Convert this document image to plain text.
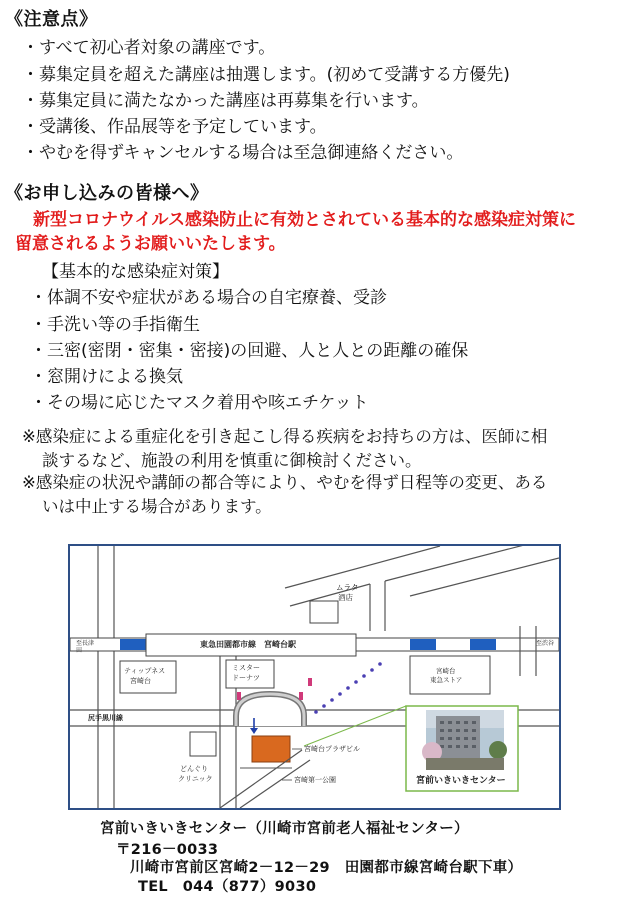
《注意点》
・すべて初心者対象の講座です。
・募集定員を超えた講座は抽選します。(初めて受講する方優先)
・募集定員に満たなかった講座は再募集を行います。
・受講後、作品展等を予定しています。
・やむを得ずキャンセルする場合は至急御連絡ください。
《お申し込みの皆様へ》
新型コロナウイルス感染防止に有効とされている基本的な感染症対策に
留意されるようお願いいたします。
【基本的な感染症対策】
・体調不安や症状がある場合の自宅療養、受診
・手洗い等の手指衛生
・三密(密閉・密集・密接)の回避、人と人との距離の確保
・窓開けによる換気
・その場に応じたマスク着用や咳エチケット
※感染症による重症化を引き起こし得る疾病をお持ちの方は、医師に相
談するなど、施設の利用を慎重に御検討ください。
※感染症の状況や講師の都合等により、やむを得ず日程等の変更、ある
いは中止する場合があります。
ムラタ
酒店
東急田園都市線　宮崎台駅	至渋谷
至長津田
ティップネス
宮崎台
ミスター
ドーナツ
宮崎台
東急ストア
尻手黒川線
宮崎台プラザビル
宮崎第一公園
どんぐり
クリニック	宮前いきいきセンター
宮前いきいきセンター（川崎市宮前老人福祉センター）
〒216－0033
川崎市宮前区宮崎2－12－29　田園都市線宮崎台駅下車）
TEL　044（877）9030
